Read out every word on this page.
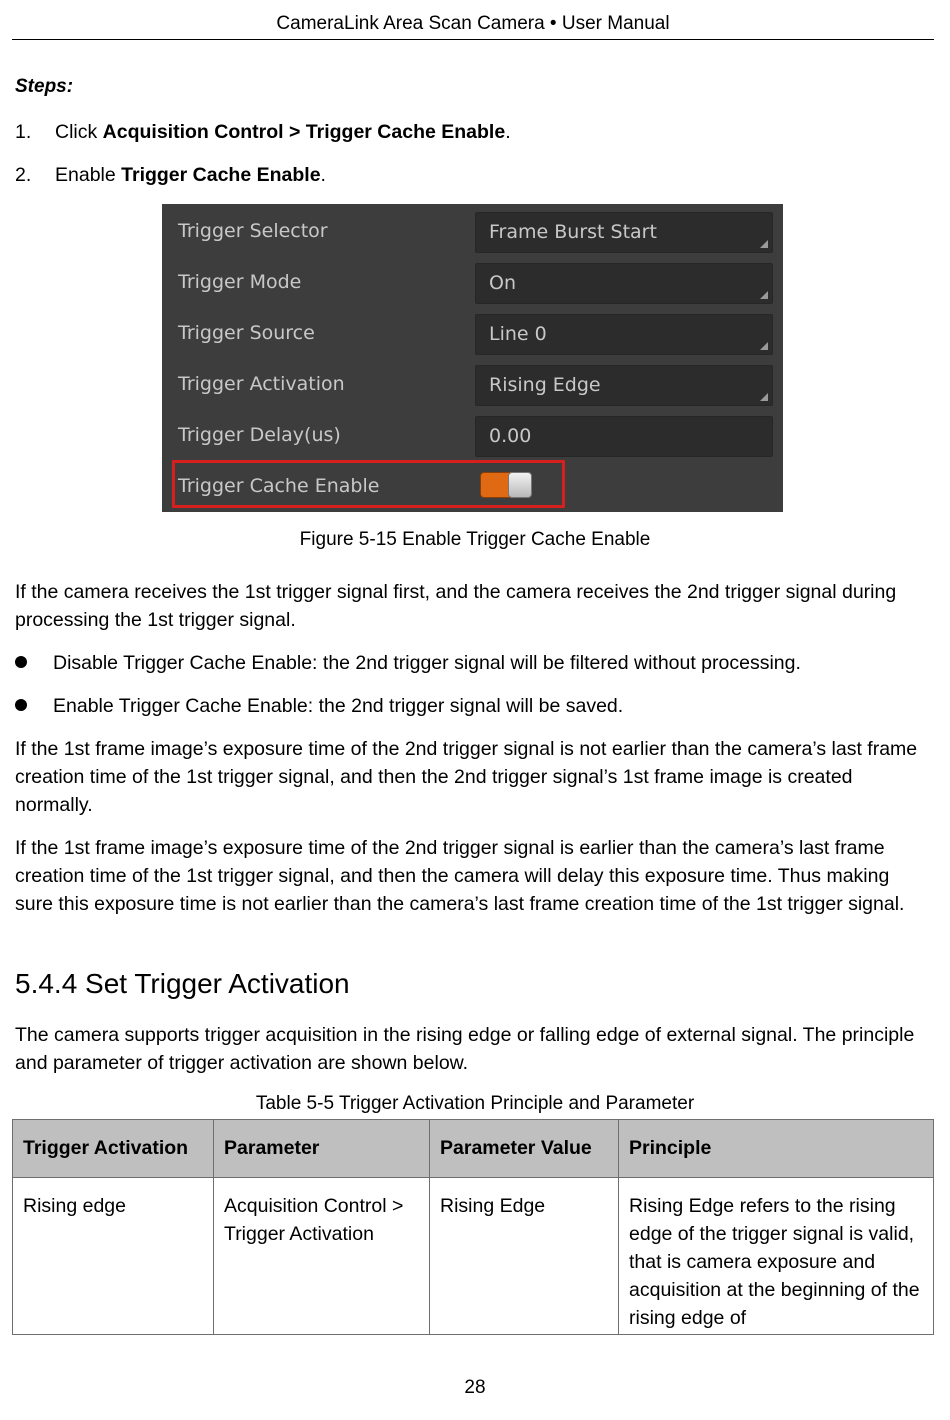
CameraLink Area Scan Camera • User Manual
Steps:
1. Click Acquisition Control > Trigger Cache Enable.
2. Enable Trigger Cache Enable.
Trigger Selector	Frame Burst Start
Trigger Mode	On
Trigger Source	Line 0
Trigger Activation	Rising Edge
Trigger Delay(us)	0.00
Trigger Cache Enable
Figure 5-15 Enable Trigger Cache Enable
If the camera receives the 1st trigger signal first, and the camera receives the 2nd trigger signal during processing the 1st trigger signal.
Disable Trigger Cache Enable: the 2nd trigger signal will be filtered without processing.
Enable Trigger Cache Enable: the 2nd trigger signal will be saved.
If the 1st frame image’s exposure time of the 2nd trigger signal is not earlier than the camera’s last frame creation time of the 1st trigger signal, and then the 2nd trigger signal’s 1st frame image is created normally.
If the 1st frame image’s exposure time of the 2nd trigger signal is earlier than the camera’s last frame creation time of the 1st trigger signal, and then the camera will delay this exposure time. Thus making sure this exposure time is not earlier than the camera’s last frame creation time of the 1st trigger signal.
5.4.4 Set Trigger Activation
The camera supports trigger acquisition in the rising edge or falling edge of external signal. The principle and parameter of trigger activation are shown below.
Table 5-5 Trigger Activation Principle and Parameter
Trigger Activation	Parameter	Parameter Value	Principle

Rising edge	Acquisition Control > Trigger Activation	Rising Edge	Rising Edge refers to the rising edge of the trigger signal is valid, that is camera exposure and acquisition at the beginning of the rising edge of
28
